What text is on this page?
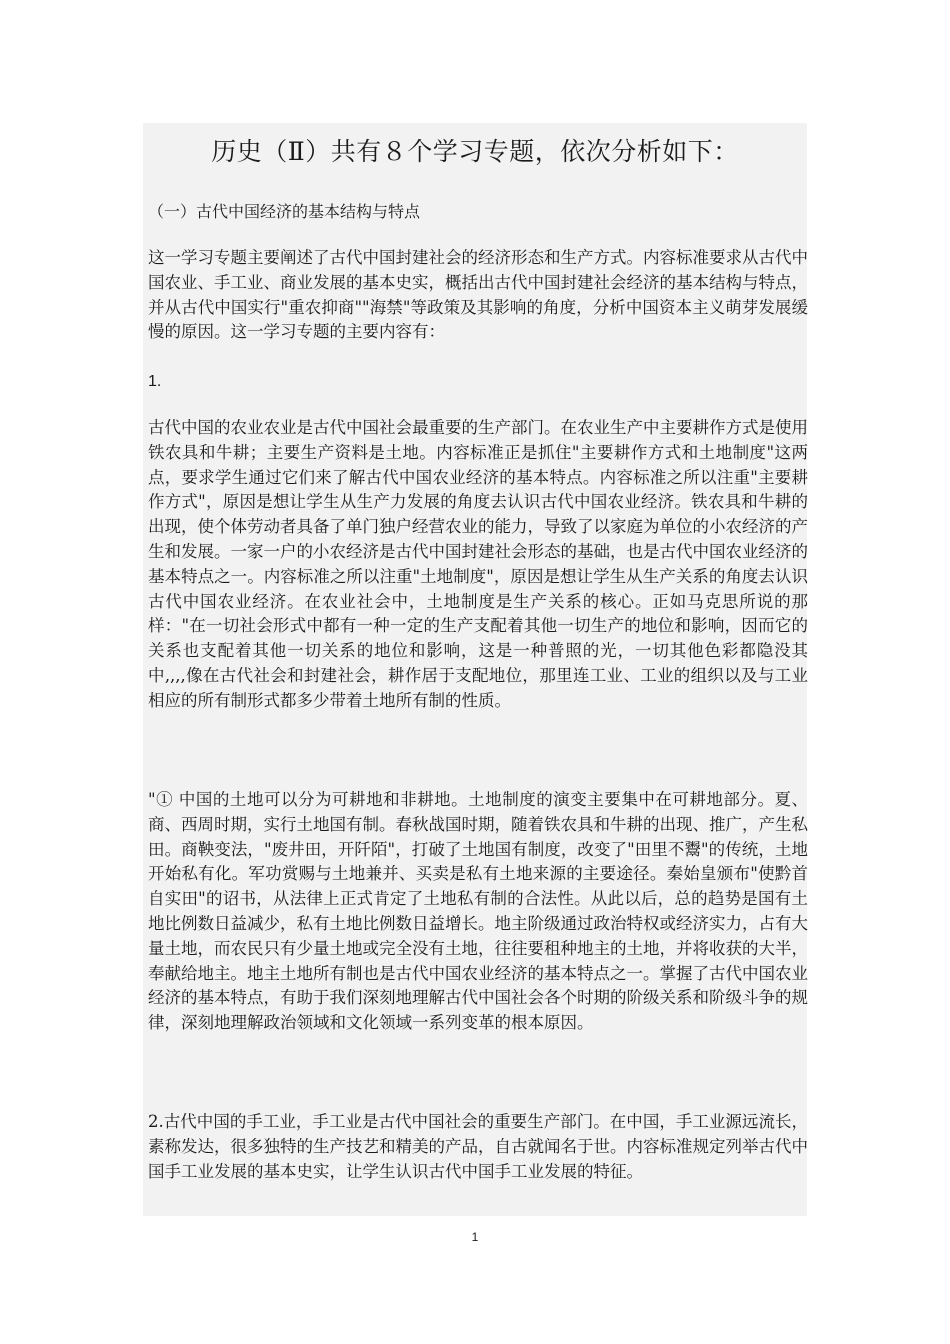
历史（Ⅱ）共有８个学习专题，依次分析如下：
（一）古代中国经济的基本结构与特点

这一学习专题主要阐述了古代中国封建社会的经济形态和生产方式。内容标准要求从古代中国农业、手工业、商业发展的基本史实，概括出古代中国封建社会经济的基本结构与特点，并从古代中国实行"重农抑商""海禁"等政策及其影响的角度，分析中国资本主义萌芽发展缓慢的原因。这一学习专题的主要内容有：

1.

古代中国的农业农业是古代中国社会最重要的生产部门。在农业生产中主要耕作方式是使用铁农具和牛耕；主要生产资料是土地。内容标准正是抓住"主要耕作方式和土地制度"这两点，要求学生通过它们来了解古代中国农业经济的基本特点。内容标准之所以注重"主要耕作方式"，原因是想让学生从生产力发展的角度去认识古代中国农业经济。铁农具和牛耕的出现，使个体劳动者具备了单门独户经营农业的能力，导致了以家庭为单位的小农经济的产生和发展。一家一户的小农经济是古代中国封建社会形态的基础，也是古代中国农业经济的基本特点之一。内容标准之所以注重"土地制度"，原因是想让学生从生产关系的角度去认识古代中国农业经济。在农业社会中，土地制度是生产关系的核心。正如马克思所说的那样："在一切社会形式中都有一种一定的生产支配着其他一切生产的地位和影响，因而它的关系也支配着其他一切关系的地位和影响，这是一种普照的光，一切其他色彩都隐没其中,,,,像在古代社会和封建社会，耕作居于支配地位，那里连工业、工业的组织以及与工业相应的所有制形式都多少带着土地所有制的性质。

"① 中国的土地可以分为可耕地和非耕地。土地制度的演变主要集中在可耕地部分。夏、商、西周时期，实行土地国有制。春秋战国时期，随着铁农具和牛耕的出现、推广，产生私田。商鞅变法，"废井田，开阡陌"，打破了土地国有制度，改变了"田里不鬻"的传统，土地开始私有化。军功赏赐与土地兼并、买卖是私有土地来源的主要途径。秦始皇颁布"使黔首自实田"的诏书，从法律上正式肯定了土地私有制的合法性。从此以后，总的趋势是国有土地比例数日益减少，私有土地比例数日益增长。地主阶级通过政治特权或经济实力，占有大量土地，而农民只有少量土地或完全没有土地，往往要租种地主的土地，并将收获的大半，奉献给地主。地主土地所有制也是古代中国农业经济的基本特点之一。掌握了古代中国农业经济的基本特点，有助于我们深刻地理解古代中国社会各个时期的阶级关系和阶级斗争的规律，深刻地理解政治领域和文化领域一系列变革的根本原因。

2.古代中国的手工业，手工业是古代中国社会的重要生产部门。在中国，手工业源远流长，素称发达，很多独特的生产技艺和精美的产品，自古就闻名于世。内容标准规定列举古代中国手工业发展的基本史实，让学生认识古代中国手工业发展的特征。

1
